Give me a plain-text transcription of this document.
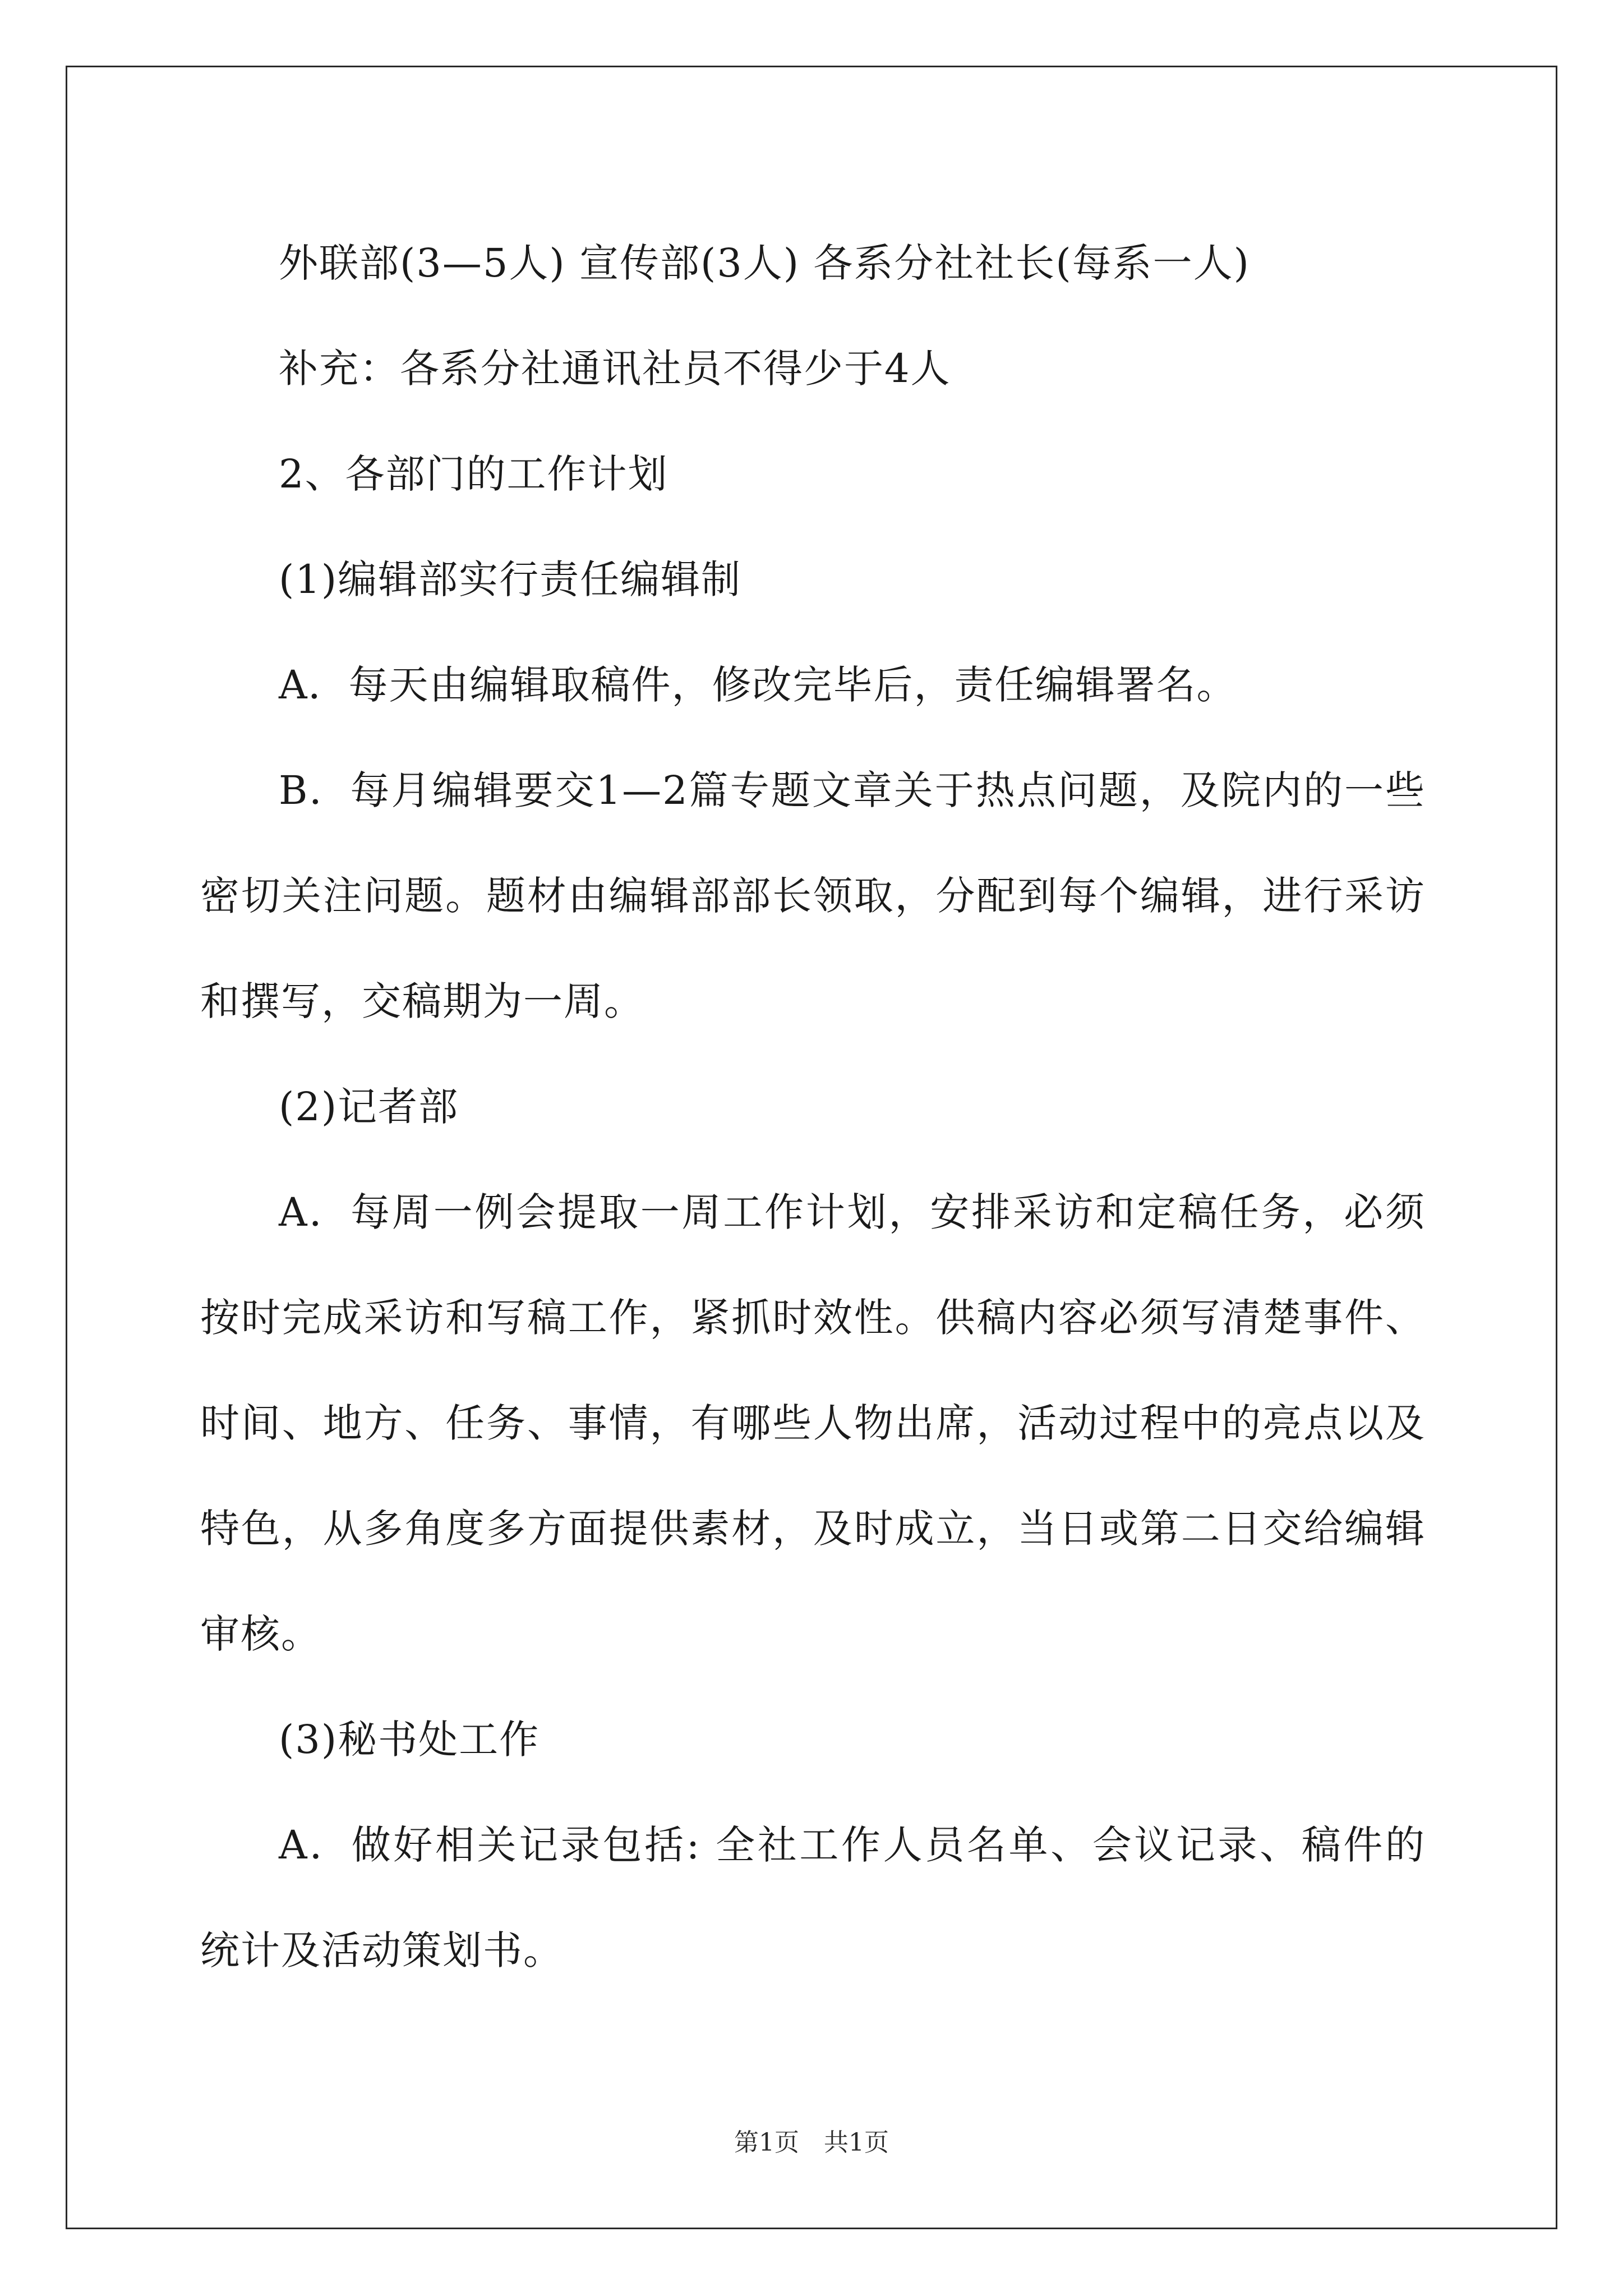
外联部(3—5人) 宣传部(3人) 各系分社社长(每系一人)

补充：各系分社通讯社员不得少于4人

2、各部门的工作计划

(1)编辑部实行责任编辑制

A．每天由编辑取稿件，修改完毕后，责任编辑署名。

B．每月编辑要交1—2篇专题文章关于热点问题，及院内的一些密切关注问题。题材由编辑部部长领取，分配到每个编辑，进行采访和撰写，交稿期为一周。

(2)记者部

A．每周一例会提取一周工作计划，安排采访和定稿任务，必须按时完成采访和写稿工作，紧抓时效性。供稿内容必须写清楚事件、时间、地方、任务、事情，有哪些人物出席，活动过程中的亮点以及特色，从多角度多方面提供素材，及时成立，当日或第二日交给编辑审核。

(3)秘书处工作

A．做好相关记录包括: 全社工作人员名单、会议记录、稿件的统计及活动策划书。

第1页　共1页
